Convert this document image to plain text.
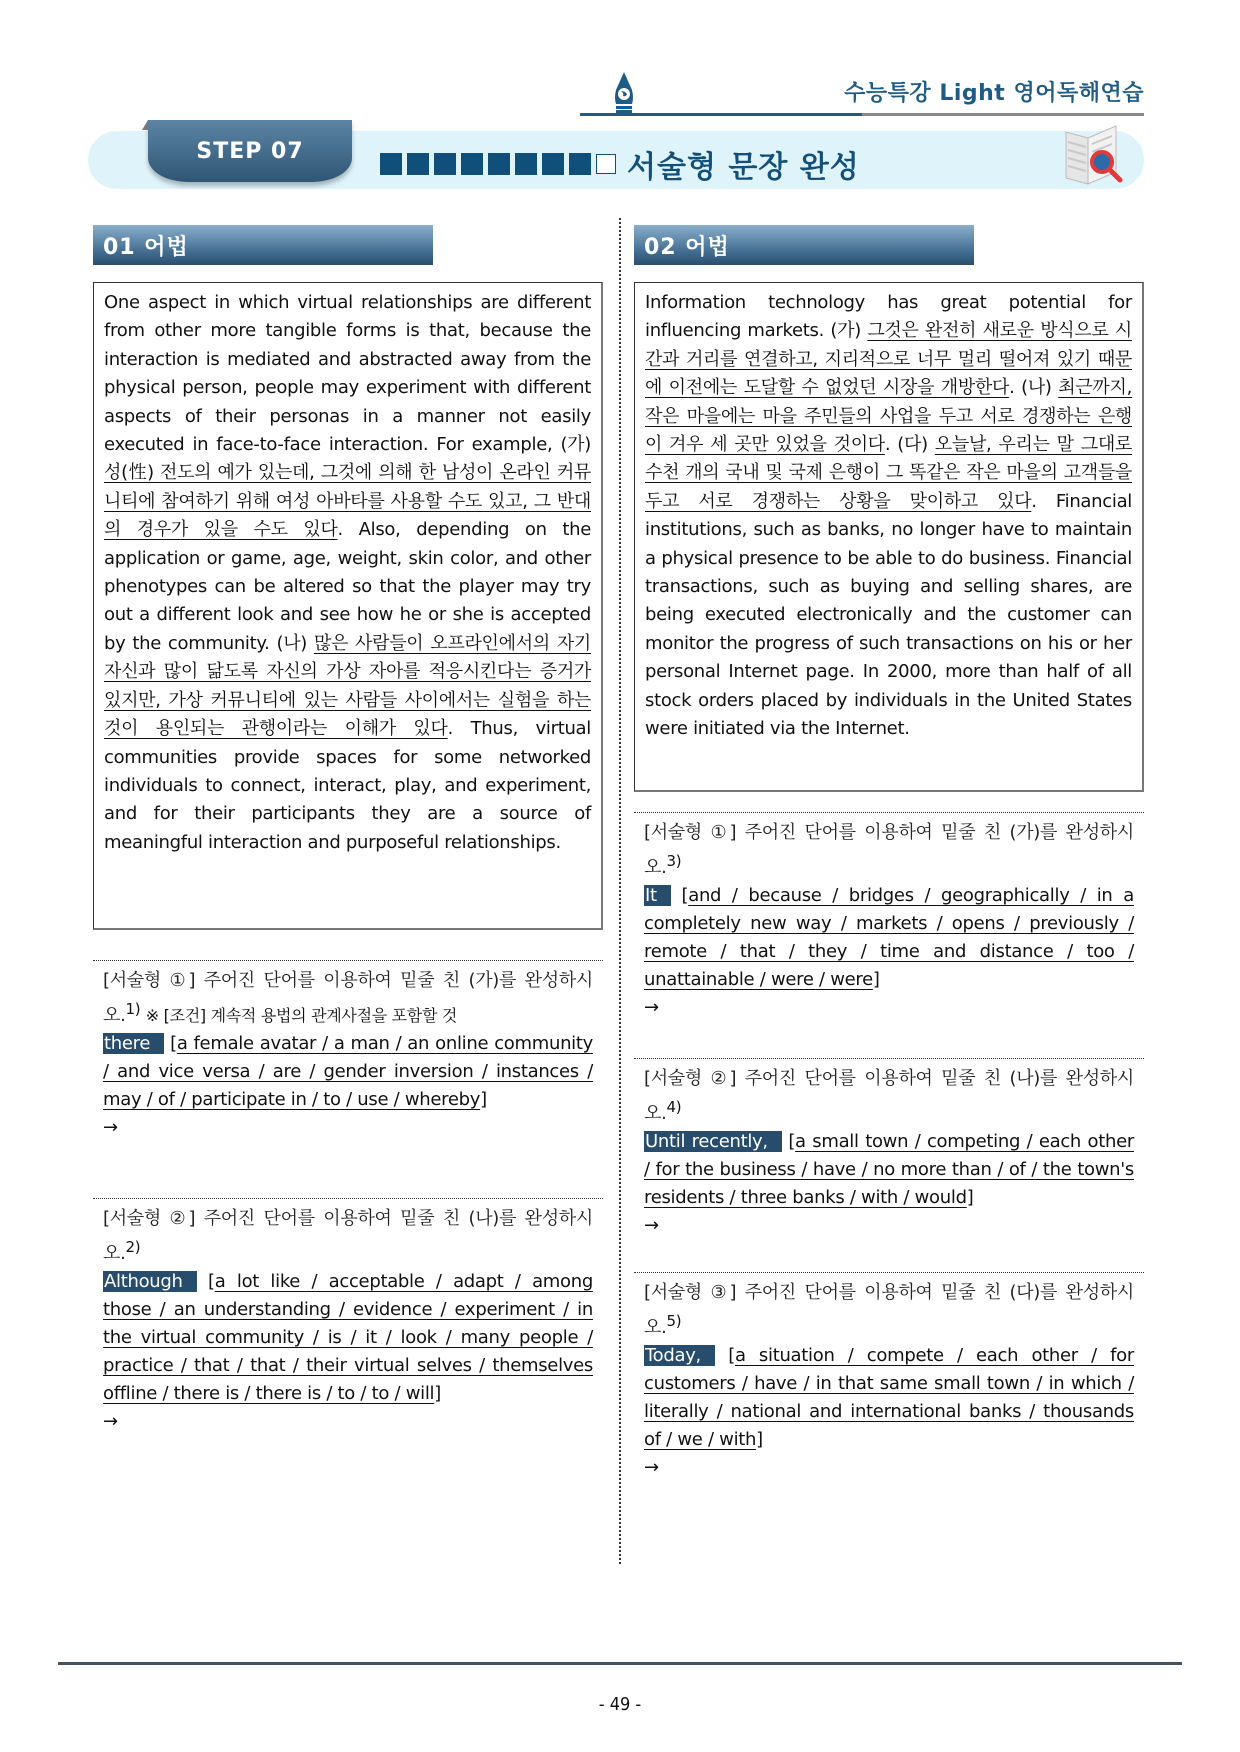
수능특강 Light 영어독해연습
STEP 07	서술형 문장 완성
01 어법	02 어법
One aspect in which virtual relationships are different from other more tangible forms is that, because the interaction is mediated and abstracted away from the physical person, people may experiment with different aspects of their personas in a manner not easily executed in face-to-face interaction. For example, (가) 성(性) 전도의 예가 있는데, 그것에 의해 한 남성이 온라인 커뮤니티에 참여하기 위해 여성 아바타를 사용할 수도 있고, 그 반대의 경우가 있을 수도 있다. Also, depending on the application or game, age, weight, skin color, and other phenotypes can be altered so that the player may try out a different look and see how he or she is accepted by the community. (나) 많은 사람들이 오프라인에서의 자기 자신과 많이 닮도록 자신의 가상 자아를 적응시킨다는 증거가 있지만, 가상 커뮤니티에 있는 사람들 사이에서는 실험을 하는 것이 용인되는 관행이라는 이해가 있다. Thus, virtual communities provide spaces for some networked individuals to connect, interact, play, and experiment, and for their participants they are a source of meaningful interaction and purposeful relationships.
[서술형 ①] 주어진 단어를 이용하여 밑줄 친 (가)를 완성하시오.$^{1)}$ ※ [조건] 계속적 용법의 관계사절을 포함할 것
there [a female avatar / a man / an online community / and vice versa / are / gender inversion / instances / may / of / participate in / to / use / whereby]
→
[서술형 ②] 주어진 단어를 이용하여 밑줄 친 (나)를 완성하시오.$^{2)}$
Although [a lot like / acceptable / adapt / among those / an understanding / evidence / experiment / in the virtual community / is / it / look / many people / practice / that / that / their virtual selves / themselves offline / there is / there is / to / to / will]
→
Information technology has great potential for influencing markets. (가) 그것은 완전히 새로운 방식으로 시간과 거리를 연결하고, 지리적으로 너무 멀리 떨어져 있기 때문에 이전에는 도달할 수 없었던 시장을 개방한다. (나) 최근까지, 작은 마을에는 마을 주민들의 사업을 두고 서로 경쟁하는 은행이 겨우 세 곳만 있었을 것이다. (다) 오늘날, 우리는 말 그대로 수천 개의 국내 및 국제 은행이 그 똑같은 작은 마을의 고객들을 두고 서로 경쟁하는 상황을 맞이하고 있다. Financial institutions, such as banks, no longer have to maintain a physical presence to be able to do business. Financial transactions, such as buying and selling shares, are being executed electronically and the customer can monitor the progress of such transactions on his or her personal Internet page. In 2000, more than half of all stock orders placed by individuals in the United States were initiated via the Internet.
[서술형 ①] 주어진 단어를 이용하여 밑줄 친 (가)를 완성하시오.$^{3)}$
It [and / because / bridges / geographically / in a completely new way / markets / opens / previously / remote / that / they / time and distance / too / unattainable / were / were]
→
[서술형 ②] 주어진 단어를 이용하여 밑줄 친 (나)를 완성하시오.$^{4)}$
Until recently, [a small town / competing / each other / for the business / have / no more than / of / the town's residents / three banks / with / would]
→
[서술형 ③] 주어진 단어를 이용하여 밑줄 친 (다)를 완성하시오.$^{5)}$
Today, [a situation / compete / each other / for customers / have / in that same small town / in which / literally / national and international banks / thousands of / we / with]
→
- 49 -
